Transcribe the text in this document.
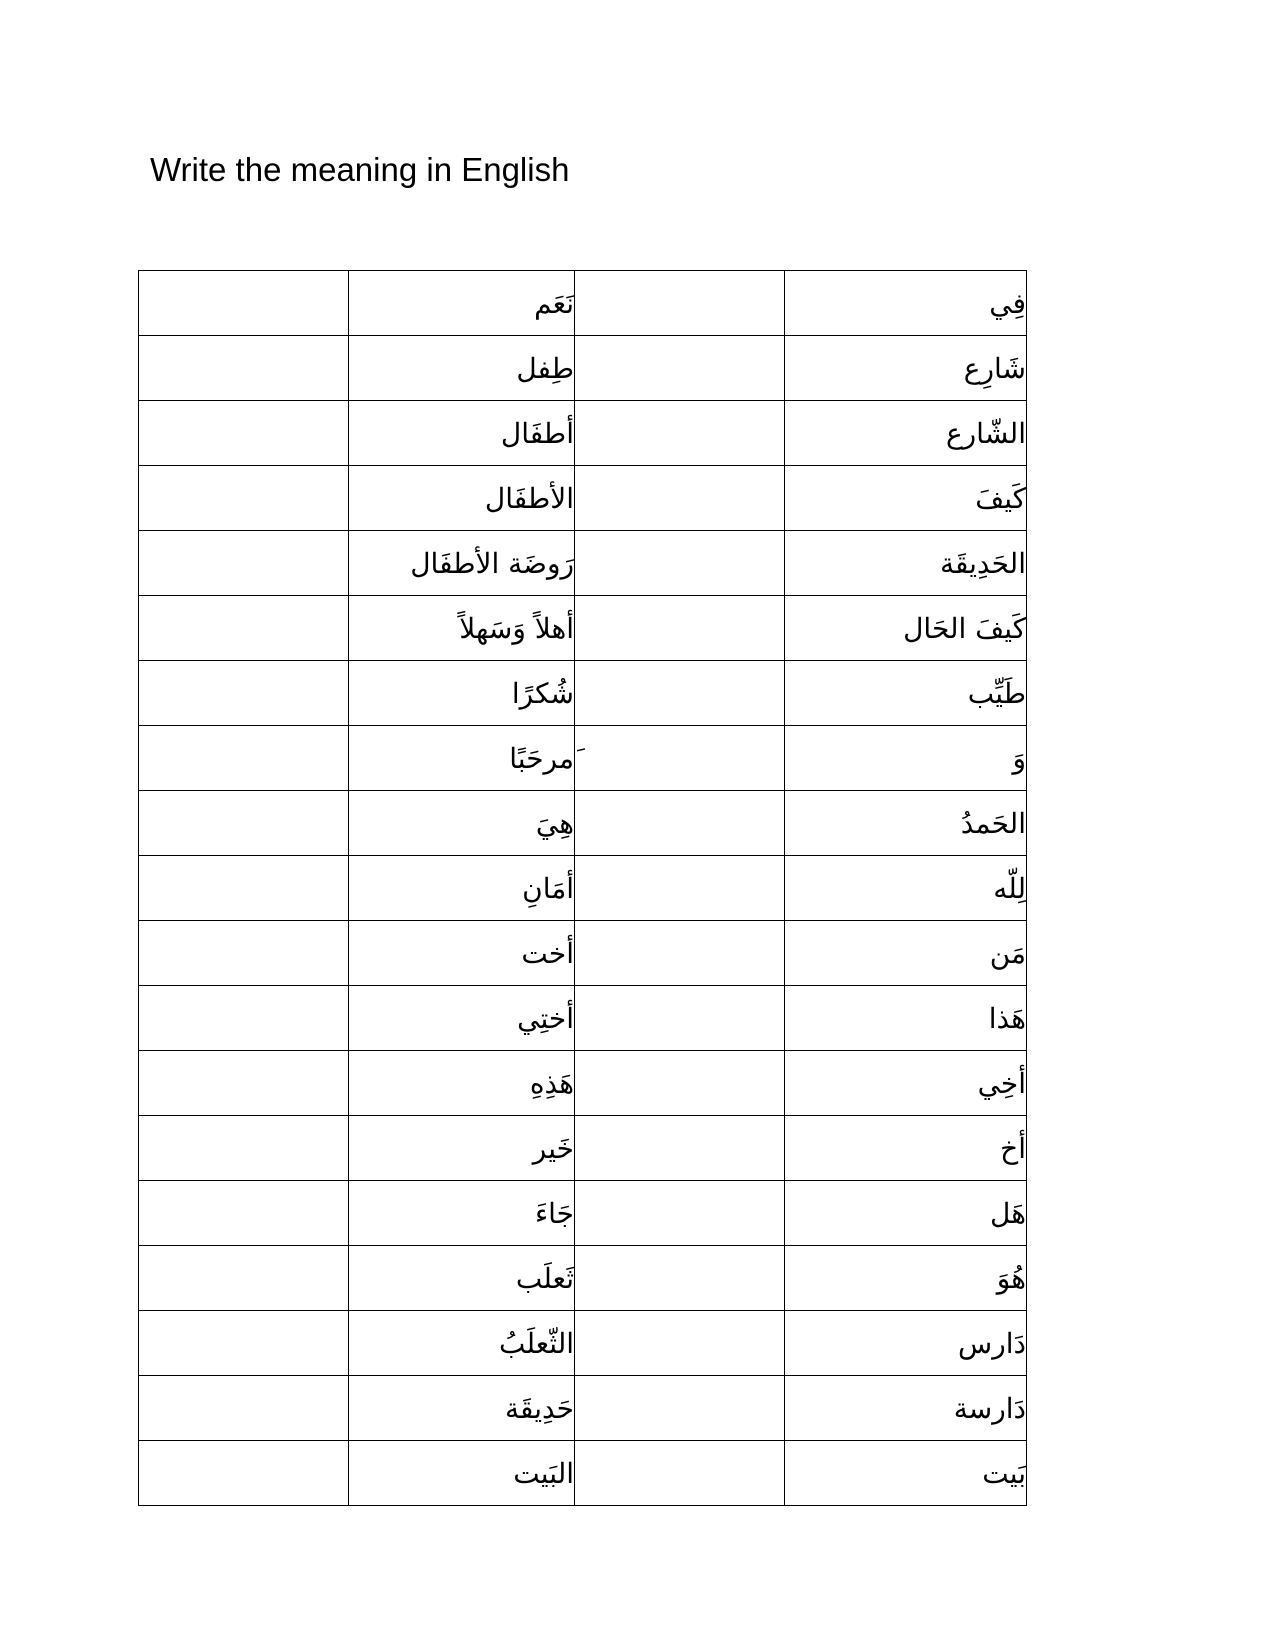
Write the meaning in English
	نَعَم		فِي
	طِفل		شَارِع
	أطفَال		الشّارع
	الأطفَال		كَيفَ
	رَوضَة الأطفَال		الحَدِيقَة
	أهلاً وَسَهلاً		كَيفَ الحَال
	شُكرًا		طَيِّب
	َمرحَبًا		وَ
	هِيَ		الحَمدُ
	أمَانِ		لِلّه
	أخت		مَن
	أختِي		هَذا
	هَذِهِ		أخِي
	خَير		أخ
	جَاءَ		هَل
	ثَعلَب		هُوَ
	الثّعلَبُ		دَارس
	حَدِيقَة		دَارسة
	البَيت		بَيت
